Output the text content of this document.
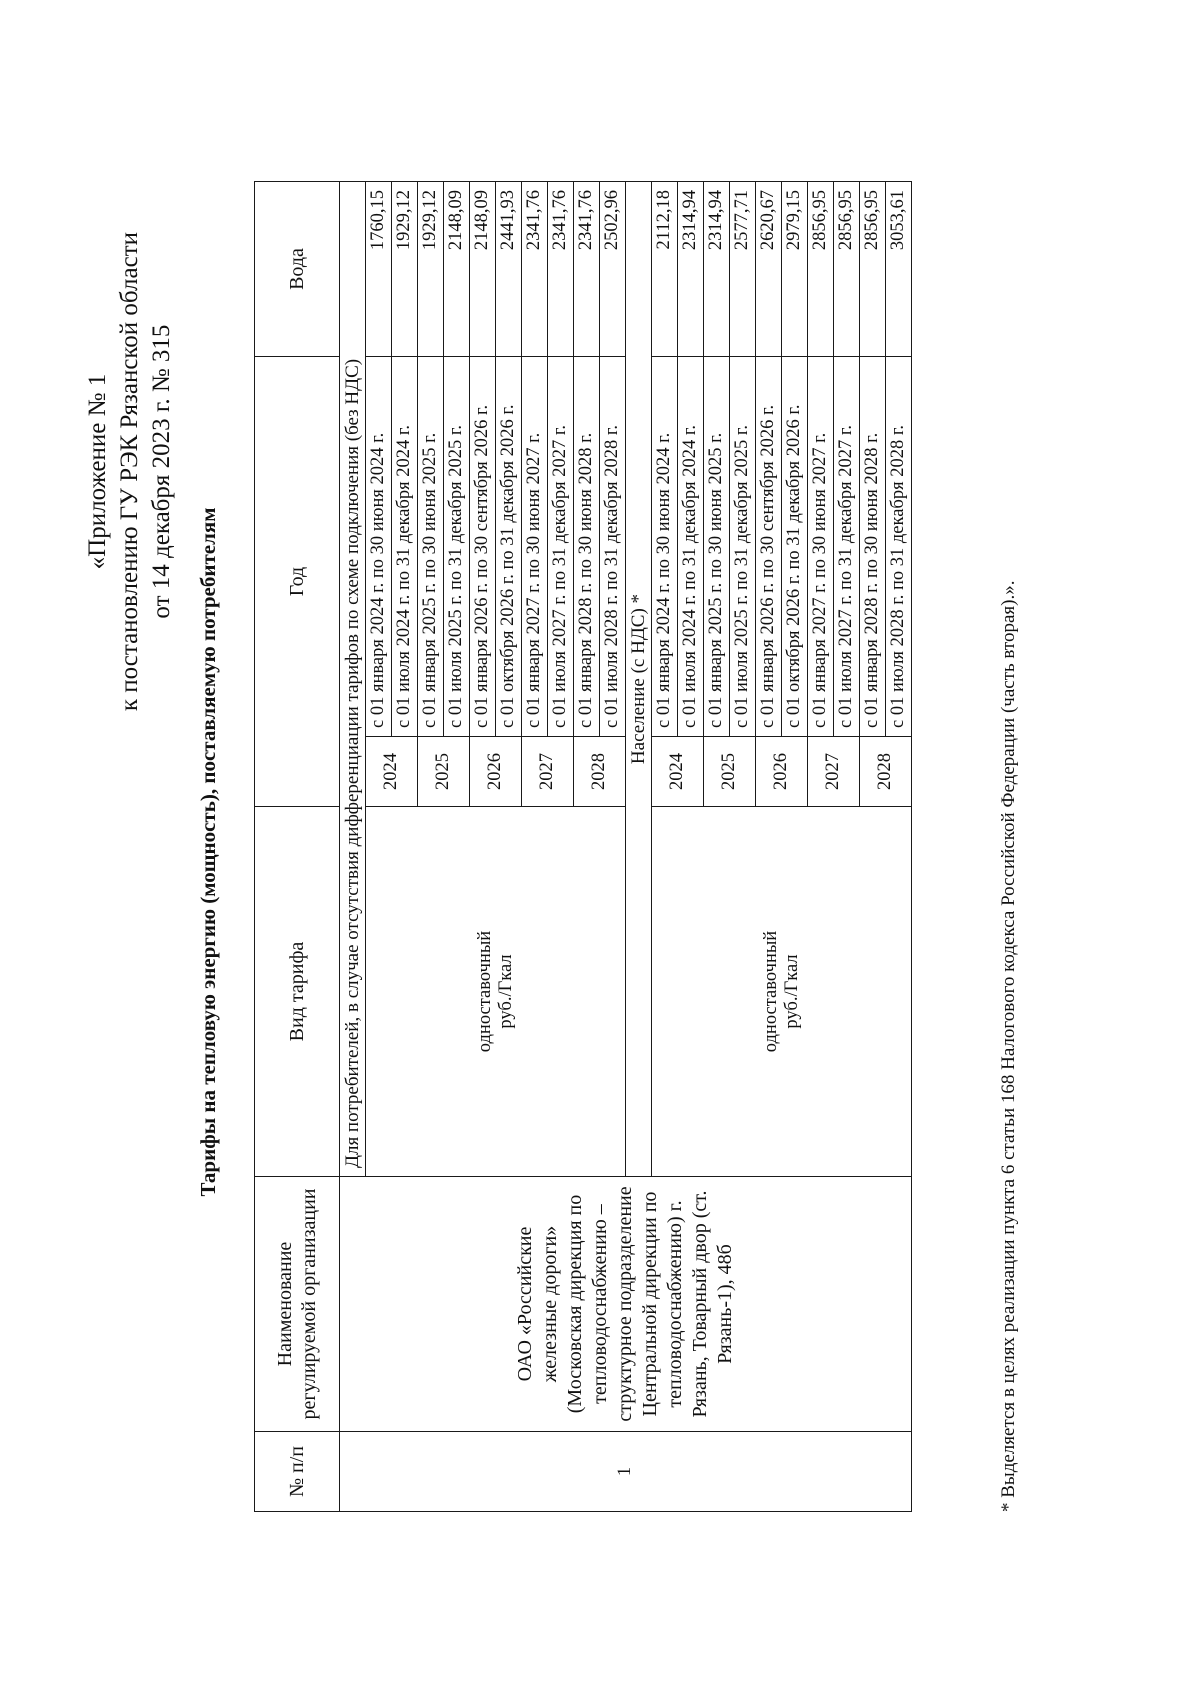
«Приложение № 1 к постановлению ГУ РЭК Рязанской области от 14 декабря 2023 г. № 315
Тарифы на тепловую энергию (мощность), поставляемую потребителям
№ п/п	Наименование регулируемой организации	Вид тарифа	Год		Вода
1	ОАО «Российские железные дороги» (Московская дирекция по тепловодоснабжению – структурное подразделение Центральной дирекции по тепловодоснабжению) г. Рязань, Товарный двор (ст. Рязань-1), 48б	Для потребителей, в случае отсутствия дифференциации тарифов по схеме подключения (без НДС)			

		одноставочный руб./Гкал	2024	с 01 января 2024 г. по 30 июня 2024 г.	1760,15
				с 01 июля 2024 г. по 31 декабря 2024 г.	1929,12
			2025	с 01 января 2025 г. по 30 июня 2025 г.	1929,12
				с 01 июля 2025 г. по 31 декабря 2025 г.	2148,09
			2026	с 01 января 2026 г. по 30 сентября 2026 г.	2148,09
				с 01 октября 2026 г. по 31 декабря 2026 г.	2441,93
			2027	с 01 января 2027 г. по 30 июня 2027 г.	2341,76
				с 01 июля 2027 г. по 31 декабря 2027 г.	2341,76
			2028	с 01 января 2028 г. по 30 июня 2028 г.	2341,76
				с 01 июля 2028 г. по 31 декабря 2028 г.	2502,96
		Население (с НДС) *			

		одноставочный руб./Гкал	2024	с 01 января 2024 г. по 30 июня 2024 г.	2112,18
				с 01 июля 2024 г. по 31 декабря 2024 г.	2314,94
			2025	с 01 января 2025 г. по 30 июня 2025 г.	2314,94
				с 01 июля 2025 г. по 31 декабря 2025 г.	2577,71
			2026	с 01 января 2026 г. по 30 сентября 2026 г.	2620,67
				с 01 октября 2026 г. по 31 декабря 2026 г.	2979,15
			2027	с 01 января 2027 г. по 30 июня 2027 г.	2856,95
				с 01 июля 2027 г. по 31 декабря 2027 г.	2856,95
			2028	с 01 января 2028 г. по 30 июня 2028 г.	2856,95
				с 01 июля 2028 г. по 31 декабря 2028 г.	3053,61
* Выделяется в целях реализации пункта 6 статьи 168 Налогового кодекса Российской Федерации (часть вторая).».
